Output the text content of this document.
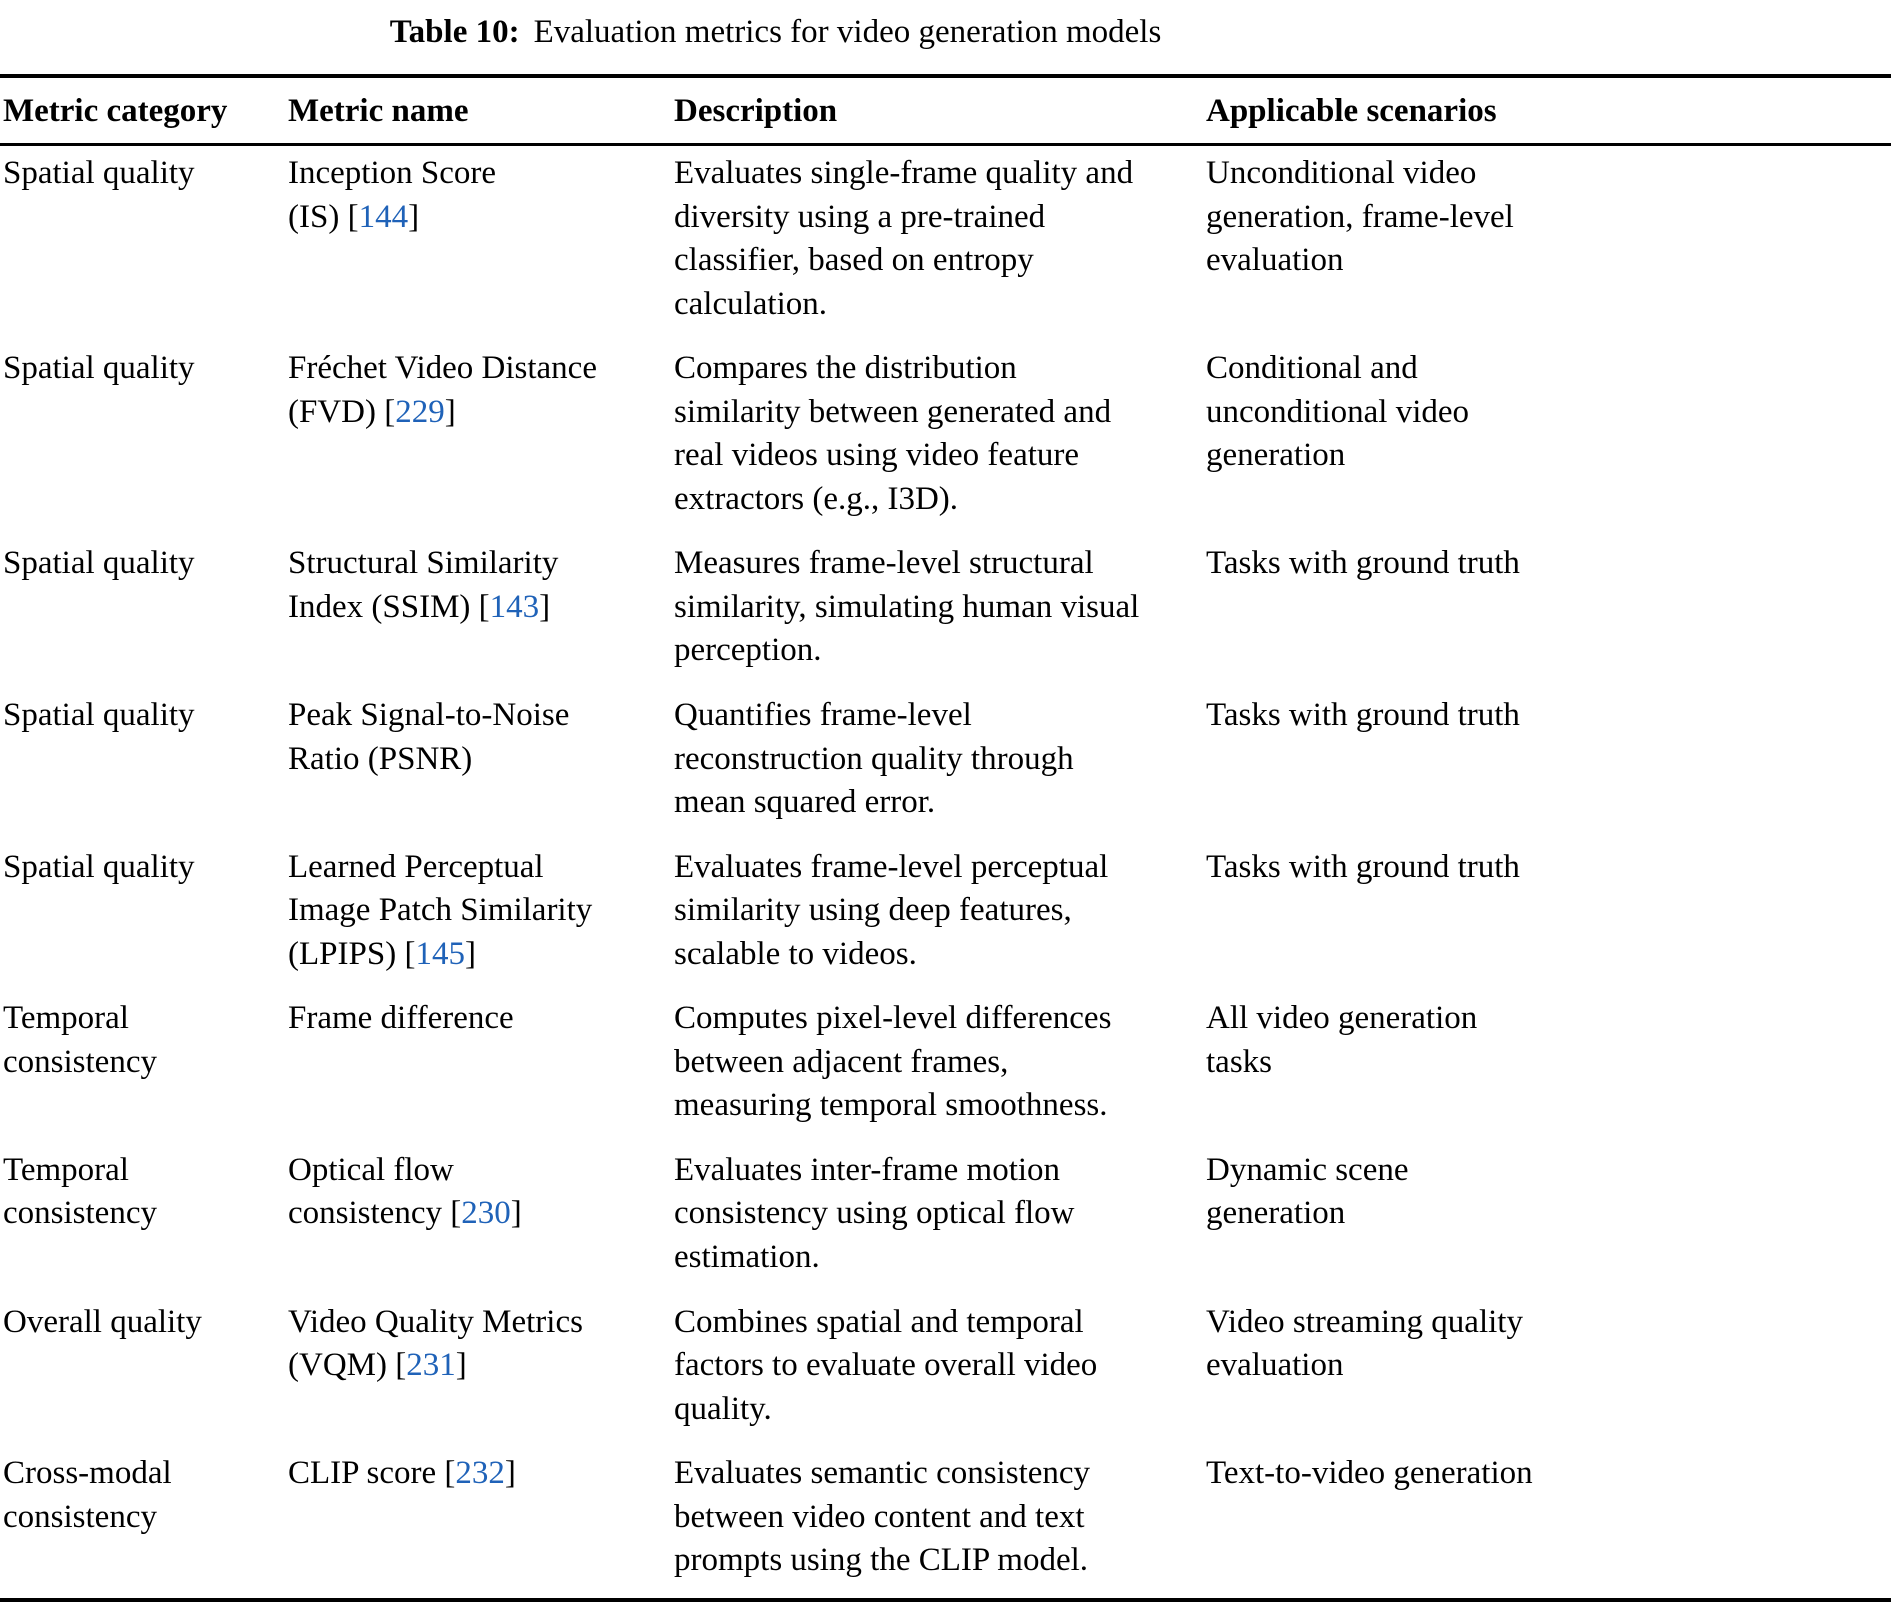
Table 10: Evaluation metrics for video generation models
Metric category	Metric name	Description	Applicable scenarios
Spatial quality	Inception Score (IS) [144]	Evaluates single-frame quality and diversity using a pre-trained classifier, based on entropy calculation.	Unconditional video generation, frame-level evaluation
Spatial quality	Fréchet Video Distance (FVD) [229]	Compares the distribution similarity between generated and real videos using video feature extractors (e.g., I3D).	Conditional and unconditional video generation
Spatial quality	Structural Similarity Index (SSIM) [143]	Measures frame-level structural similarity, simulating human visual perception.	Tasks with ground truth
Spatial quality	Peak Signal-to-Noise Ratio (PSNR)	Quantifies frame-level reconstruction quality through mean squared error.	Tasks with ground truth
Spatial quality	Learned Perceptual Image Patch Similarity (LPIPS) [145]	Evaluates frame-level perceptual similarity using deep features, scalable to videos.	Tasks with ground truth
Temporal consistency	Frame difference	Computes pixel-level differences between adjacent frames, measuring temporal smoothness.	All video generation tasks
Temporal consistency	Optical flow consistency [230]	Evaluates inter-frame motion consistency using optical flow estimation.	Dynamic scene generation
Overall quality	Video Quality Metrics (VQM) [231]	Combines spatial and temporal factors to evaluate overall video quality.	Video streaming quality evaluation
Cross-modal consistency	CLIP score [232]	Evaluates semantic consistency between video content and text prompts using the CLIP model.	Text-to-video generation
